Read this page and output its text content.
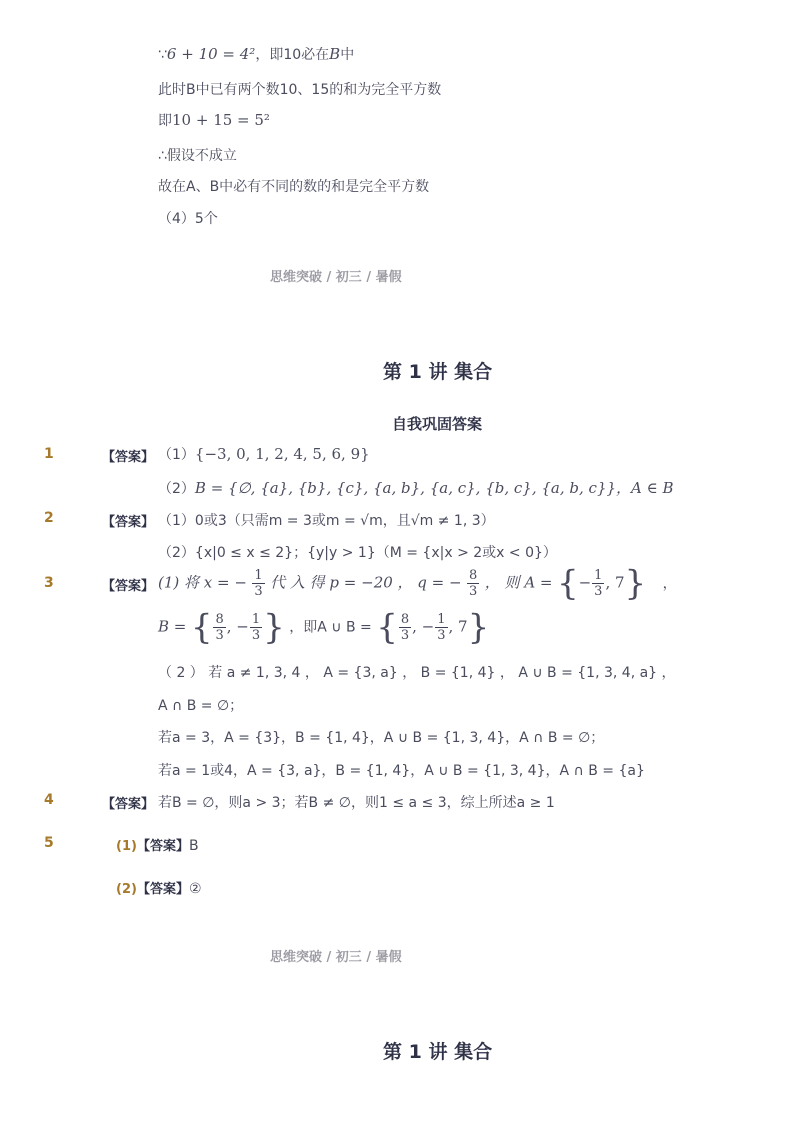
∵6 + 10 = 4²，即10必在B中
此时B中已有两个数10、15的和为完全平方数
即10 + 15 = 5²
∴假设不成立
故在A、B中必有不同的数的和是完全平方数
（4）5个
思维突破 / 初三 / 暑假
第 1 讲 集合
自我巩固答案
1	【答案】 （1）{−3, 0, 1, 2, 4, 5, 6, 9}
（2）B = {∅, {a}, {b}, {c}, {a, b}, {a, c}, {b, c}, {a, b, c}}，A ∈ B
2	【答案】 （1）0或3（只需m = 3或m = √m，且√m ≠ 1, 3）
（2）{x|0 ≤ x ≤ 2}；{y|y > 1}（M = {x|x > 2或x < 0}）
3	【答案】 (1) 将 x = − $\frac{1}{3}$ 代 入 得 p = −20 ， q = − $\frac{8}{3}$ ， 则 A = {− $\frac{1}{3}$ , 7} ，
B = { $\frac{8}{3}$ , − $\frac{1}{3}$ } ，即A ∪ B = { $\frac{8}{3}$ , − $\frac{1}{3}$ , 7}
（ 2 ） 若 a ≠ 1, 3, 4 ， A = {3, a} ， B = {1, 4} ， A ∪ B = {1, 3, 4, a} ，
A ∩ B = ∅；
若a = 3，A = {3}，B = {1, 4}，A ∪ B = {1, 3, 4}，A ∩ B = ∅；
若a = 1或4，A = {3, a}，B = {1, 4}，A ∪ B = {1, 3, 4}，A ∩ B = {a}
4	【答案】 若B = ∅，则a > 3；若B ≠ ∅，则1 ≤ a ≤ 3，综上所述a ≥ 1
5	(1)【答案】B
(2)【答案】②
思维突破 / 初三 / 暑假
第 1 讲 集合
